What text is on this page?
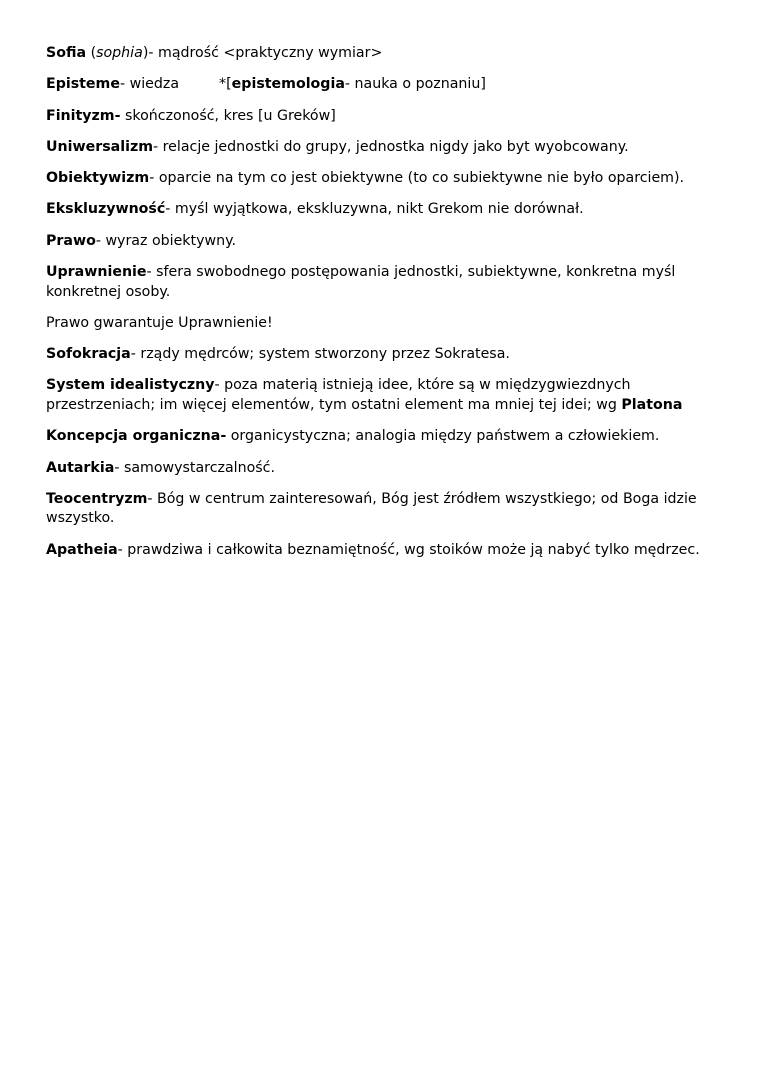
Sofia (sophia)- mądrość <praktyczny wymiar>

Episteme- wiedza	*[epistemologia- nauka o poznaniu]

Finityzm- skończoność, kres [u Greków]

Uniwersalizm- relacje jednostki do grupy, jednostka nigdy jako byt wyobcowany.

Obiektywizm- oparcie na tym co jest obiektywne (to co subiektywne nie było oparciem).

Ekskluzywność- myśl wyjątkowa, ekskluzywna, nikt Grekom nie dorównał.

Prawo- wyraz obiektywny.

Uprawnienie- sfera swobodnego postępowania jednostki, subiektywne, konkretna myśl konkretnej osoby.

Prawo gwarantuje Uprawnienie!

Sofokracja- rządy mędrców; system stworzony przez Sokratesa.

System idealistyczny- poza materią istnieją idee, które są w międzygwiezdnych przestrzeniach; im więcej elementów, tym ostatni element ma mniej tej idei; wg Platona

Koncepcja organiczna- organicystyczna; analogia między państwem a człowiekiem.

Autarkia- samowystarczalność.

Teocentryzm- Bóg w centrum zainteresowań, Bóg jest źródłem wszystkiego; od Boga idzie wszystko.

Apatheia- prawdziwa i całkowita beznamiętność, wg stoików może ją nabyć tylko mędrzec.
